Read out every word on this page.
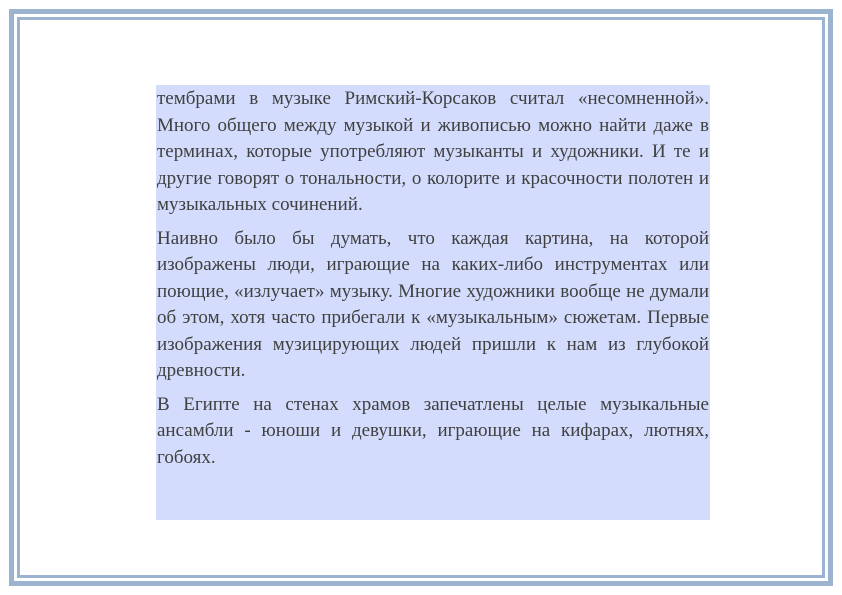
тембрами в музыке Римский-Корсаков считал «несомненной». Много общего между музыкой и живописью можно найти даже в терминах, которые употребляют музыканты и художники. И те и другие говорят о тональности, о колорите и красочности полотен и музыкальных сочинений.

Наивно было бы думать, что каждая картина, на которой изображены люди, играющие на каких-либо инструментах или поющие, «излучает» музыку. Многие художники вообще не думали об этом, хотя часто прибегали к «музыкальным» сюжетам. Первые изображения музицирующих людей пришли к нам из глубокой древности.

В Египте на стенах храмов запечатлены целые музыкальные ансамбли - юноши и девушки, играющие на кифарах, лютнях, гобоях.
